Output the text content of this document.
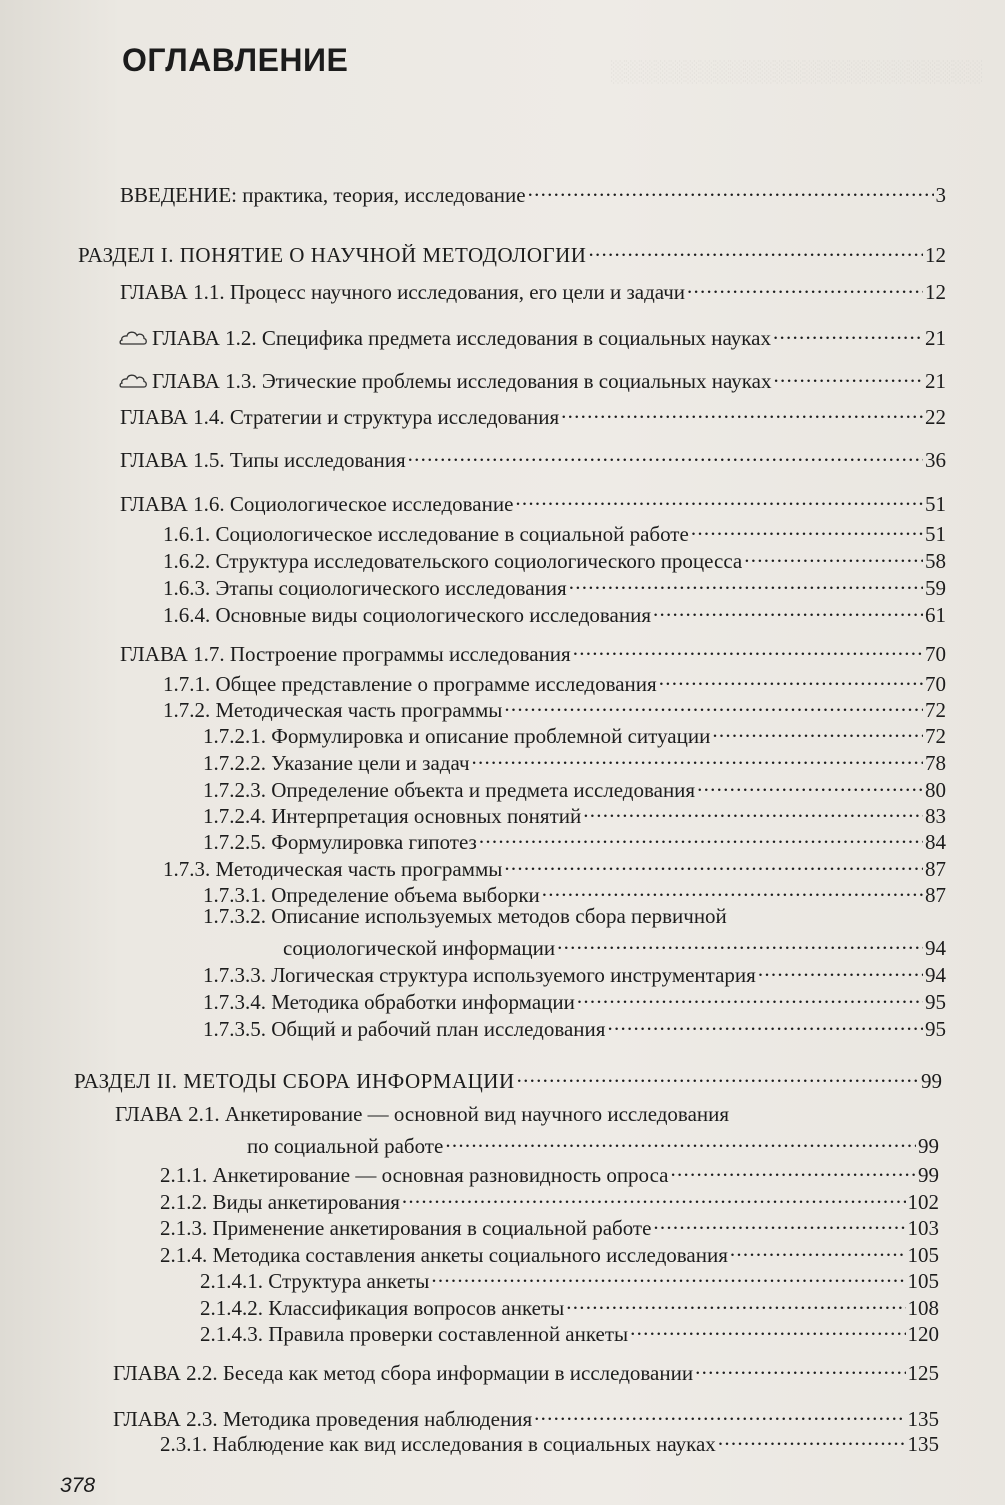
░░░░░░░░░░░░░░░░░░░░░░░░░
ОГЛАВЛЕНИЕ
ВВЕДЕНИЕ: практика, теория, исследование . . .	3
РАЗДЕЛ I. ПОНЯТИЕ О НАУЧНОЙ МЕТОДОЛОГИИ . . .	12
ГЛАВА 1.1. Процесс научного исследования, его цели и задачи . . .	12
ГЛАВА 1.2. Специфика предмета исследования в социальных науках . . .	21
ГЛАВА 1.3. Этические проблемы исследования в социальных науках . . .	21
ГЛАВА 1.4. Стратегии и структура исследования . . .	22
ГЛАВА 1.5. Типы исследования . . .	36
ГЛАВА 1.6. Социологическое исследование . . .	51
1.6.1. Социологическое исследование в социальной работе . . .	51
1.6.2. Структура исследовательского социологического процесса . . .	58
1.6.3. Этапы социологического исследования . . .	59
1.6.4. Основные виды социологического исследования . . .	61
ГЛАВА 1.7. Построение программы исследования . . .	70
1.7.1. Общее представление о программе исследования . . .	70
1.7.2. Методическая часть программы . . .	72
1.7.2.1. Формулировка и описание проблемной ситуации . . .	72
1.7.2.2. Указание цели и задач . . .	78
1.7.2.3. Определение объекта и предмета исследования . . .	80
1.7.2.4. Интерпретация основных понятий . . .	83
1.7.2.5. Формулировка гипотез . . .	84
1.7.3. Методическая часть программы . . .	87
1.7.3.1. Определение объема выборки . . .	87
1.7.3.2. Описание используемых методов сбора первичной
социологической информации . . .	94
1.7.3.3. Логическая структура используемого инструментария . . .	94
1.7.3.4. Методика обработки информации . . .	95
1.7.3.5. Общий и рабочий план исследования . . .	95
РАЗДЕЛ II. МЕТОДЫ СБОРА ИНФОРМАЦИИ . . .	99
ГЛАВА 2.1. Анкетирование — основной вид научного исследования
по социальной работе . . .	99
2.1.1. Анкетирование — основная разновидность опроса . . .	99
2.1.2. Виды анкетирования . . .	102
2.1.3. Применение анкетирования в социальной работе . . .	103
2.1.4. Методика составления анкеты социального исследования . . .	105
2.1.4.1. Структура анкеты . . .	105
2.1.4.2. Классификация вопросов анкеты . . .	108
2.1.4.3. Правила проверки составленной анкеты . . .	120
ГЛАВА 2.2. Беседа как метод сбора информации в исследовании . . .	125
ГЛАВА 2.3. Методика проведения наблюдения . . .	135
2.3.1. Наблюдение как вид исследования в социальных науках . . .	135
378
